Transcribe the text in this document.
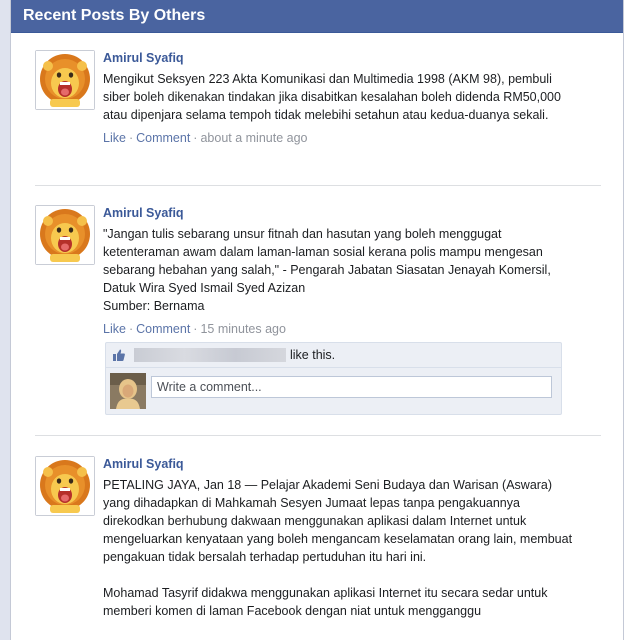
Recent Posts By Others
Amirul Syafiq

Mengikut Seksyen 223 Akta Komunikasi dan Multimedia 1998 (AKM 98), pembuli siber boleh dikenakan tindakan jika disabitkan kesalahan boleh didenda RM50,000 atau dipenjara selama tempoh tidak melebihi setahun atau kedua-duanya sekali.

Like · Comment · about a minute ago
Amirul Syafiq

"Jangan tulis sebarang unsur fitnah dan hasutan yang boleh menggugat ketenteraman awam dalam laman-laman sosial kerana polis mampu mengesan sebarang hebahan yang salah," - Pengarah Jabatan Siasatan Jenayah Komersil, Datuk Wira Syed Ismail Syed Azizan

Sumber: Bernama

Like · Comment · 15 minutes ago
like this.
Write a comment...
Amirul Syafiq

PETALING JAYA, Jan 18 — Pelajar Akademi Seni Budaya dan Warisan (Aswara) yang dihadapkan di Mahkamah Sesyen Jumaat lepas tanpa pengakuannya direkodkan berhubung dakwaan menggunakan aplikasi dalam Internet untuk mengeluarkan kenyataan yang boleh mengancam keselamatan orang lain, membuat pengakuan tidak bersalah terhadap pertuduhan itu hari ini.

Mohamad Tasyrif didakwa menggunakan aplikasi Internet itu secara sedar untuk memberi komen di laman Facebook dengan niat untuk mengganggu
